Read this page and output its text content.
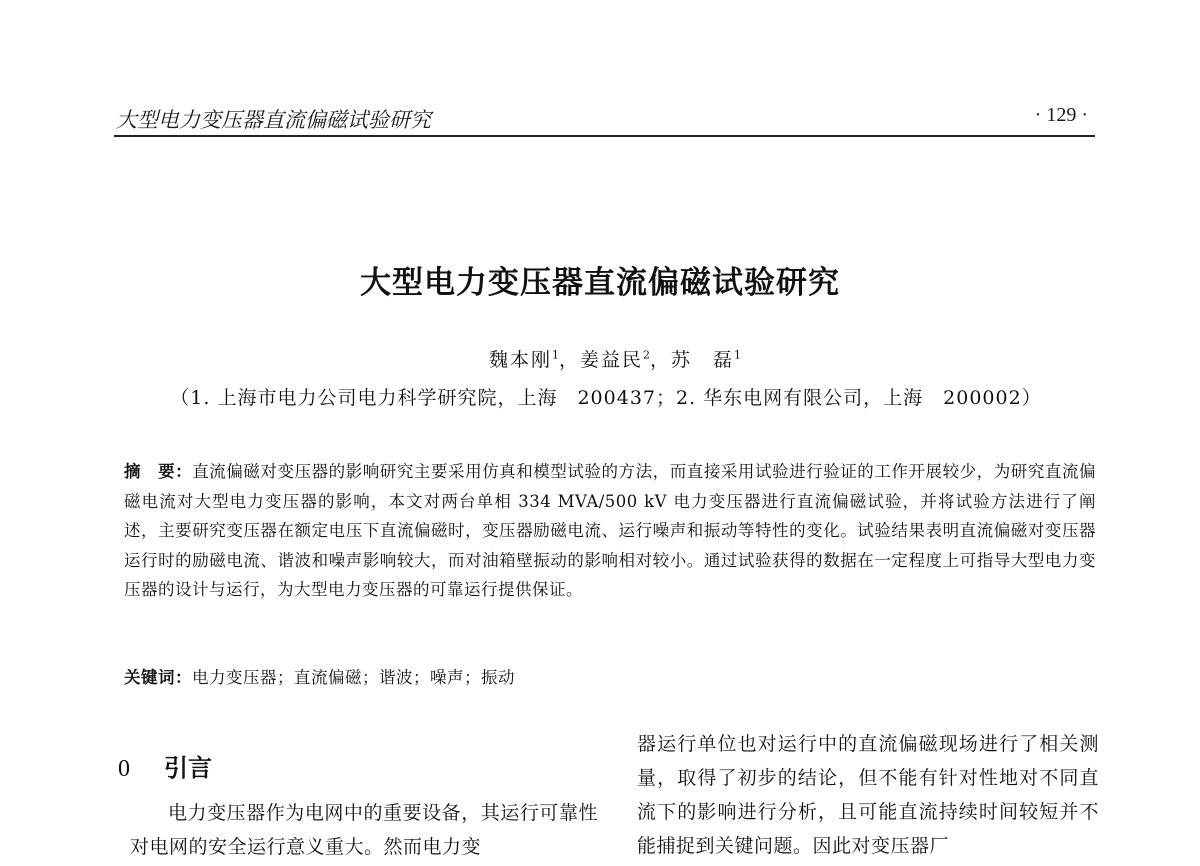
大型电力变压器直流偏磁试验研究	· 129 ·
大型电力变压器直流偏磁试验研究
魏本刚$^1$，姜益民$^2$，苏　磊$^1$
（1. 上海市电力公司电力科学研究院，上海　200437；2. 华东电网有限公司，上海　200002）
摘　要：直流偏磁对变压器的影响研究主要采用仿真和模型试验的方法，而直接采用试验进行验证的工作开展较少，为研究直流偏磁电流对大型电力变压器的影响，本文对两台单相 334 MVA/500 kV 电力变压器进行直流偏磁试验，并将试验方法进行了阐述，主要研究变压器在额定电压下直流偏磁时，变压器励磁电流、运行噪声和振动等特性的变化。试验结果表明直流偏磁对变压器运行时的励磁电流、谐波和噪声影响较大，而对油箱壁振动的影响相对较小。通过试验获得的数据在一定程度上可指导大型电力变压器的设计与运行，为大型电力变压器的可靠运行提供保证。
关键词：电力变压器；直流偏磁；谐波；噪声；振动
0 引言
电力变压器作为电网中的重要设备，其运行可靠性对电网的安全运行意义重大。然而电力变
器运行单位也对运行中的直流偏磁现场进行了相关测量，取得了初步的结论，但不能有针对性地对不同直流下的影响进行分析，且可能直流持续时间较短并不能捕捉到关键问题。因此对变压器厂
